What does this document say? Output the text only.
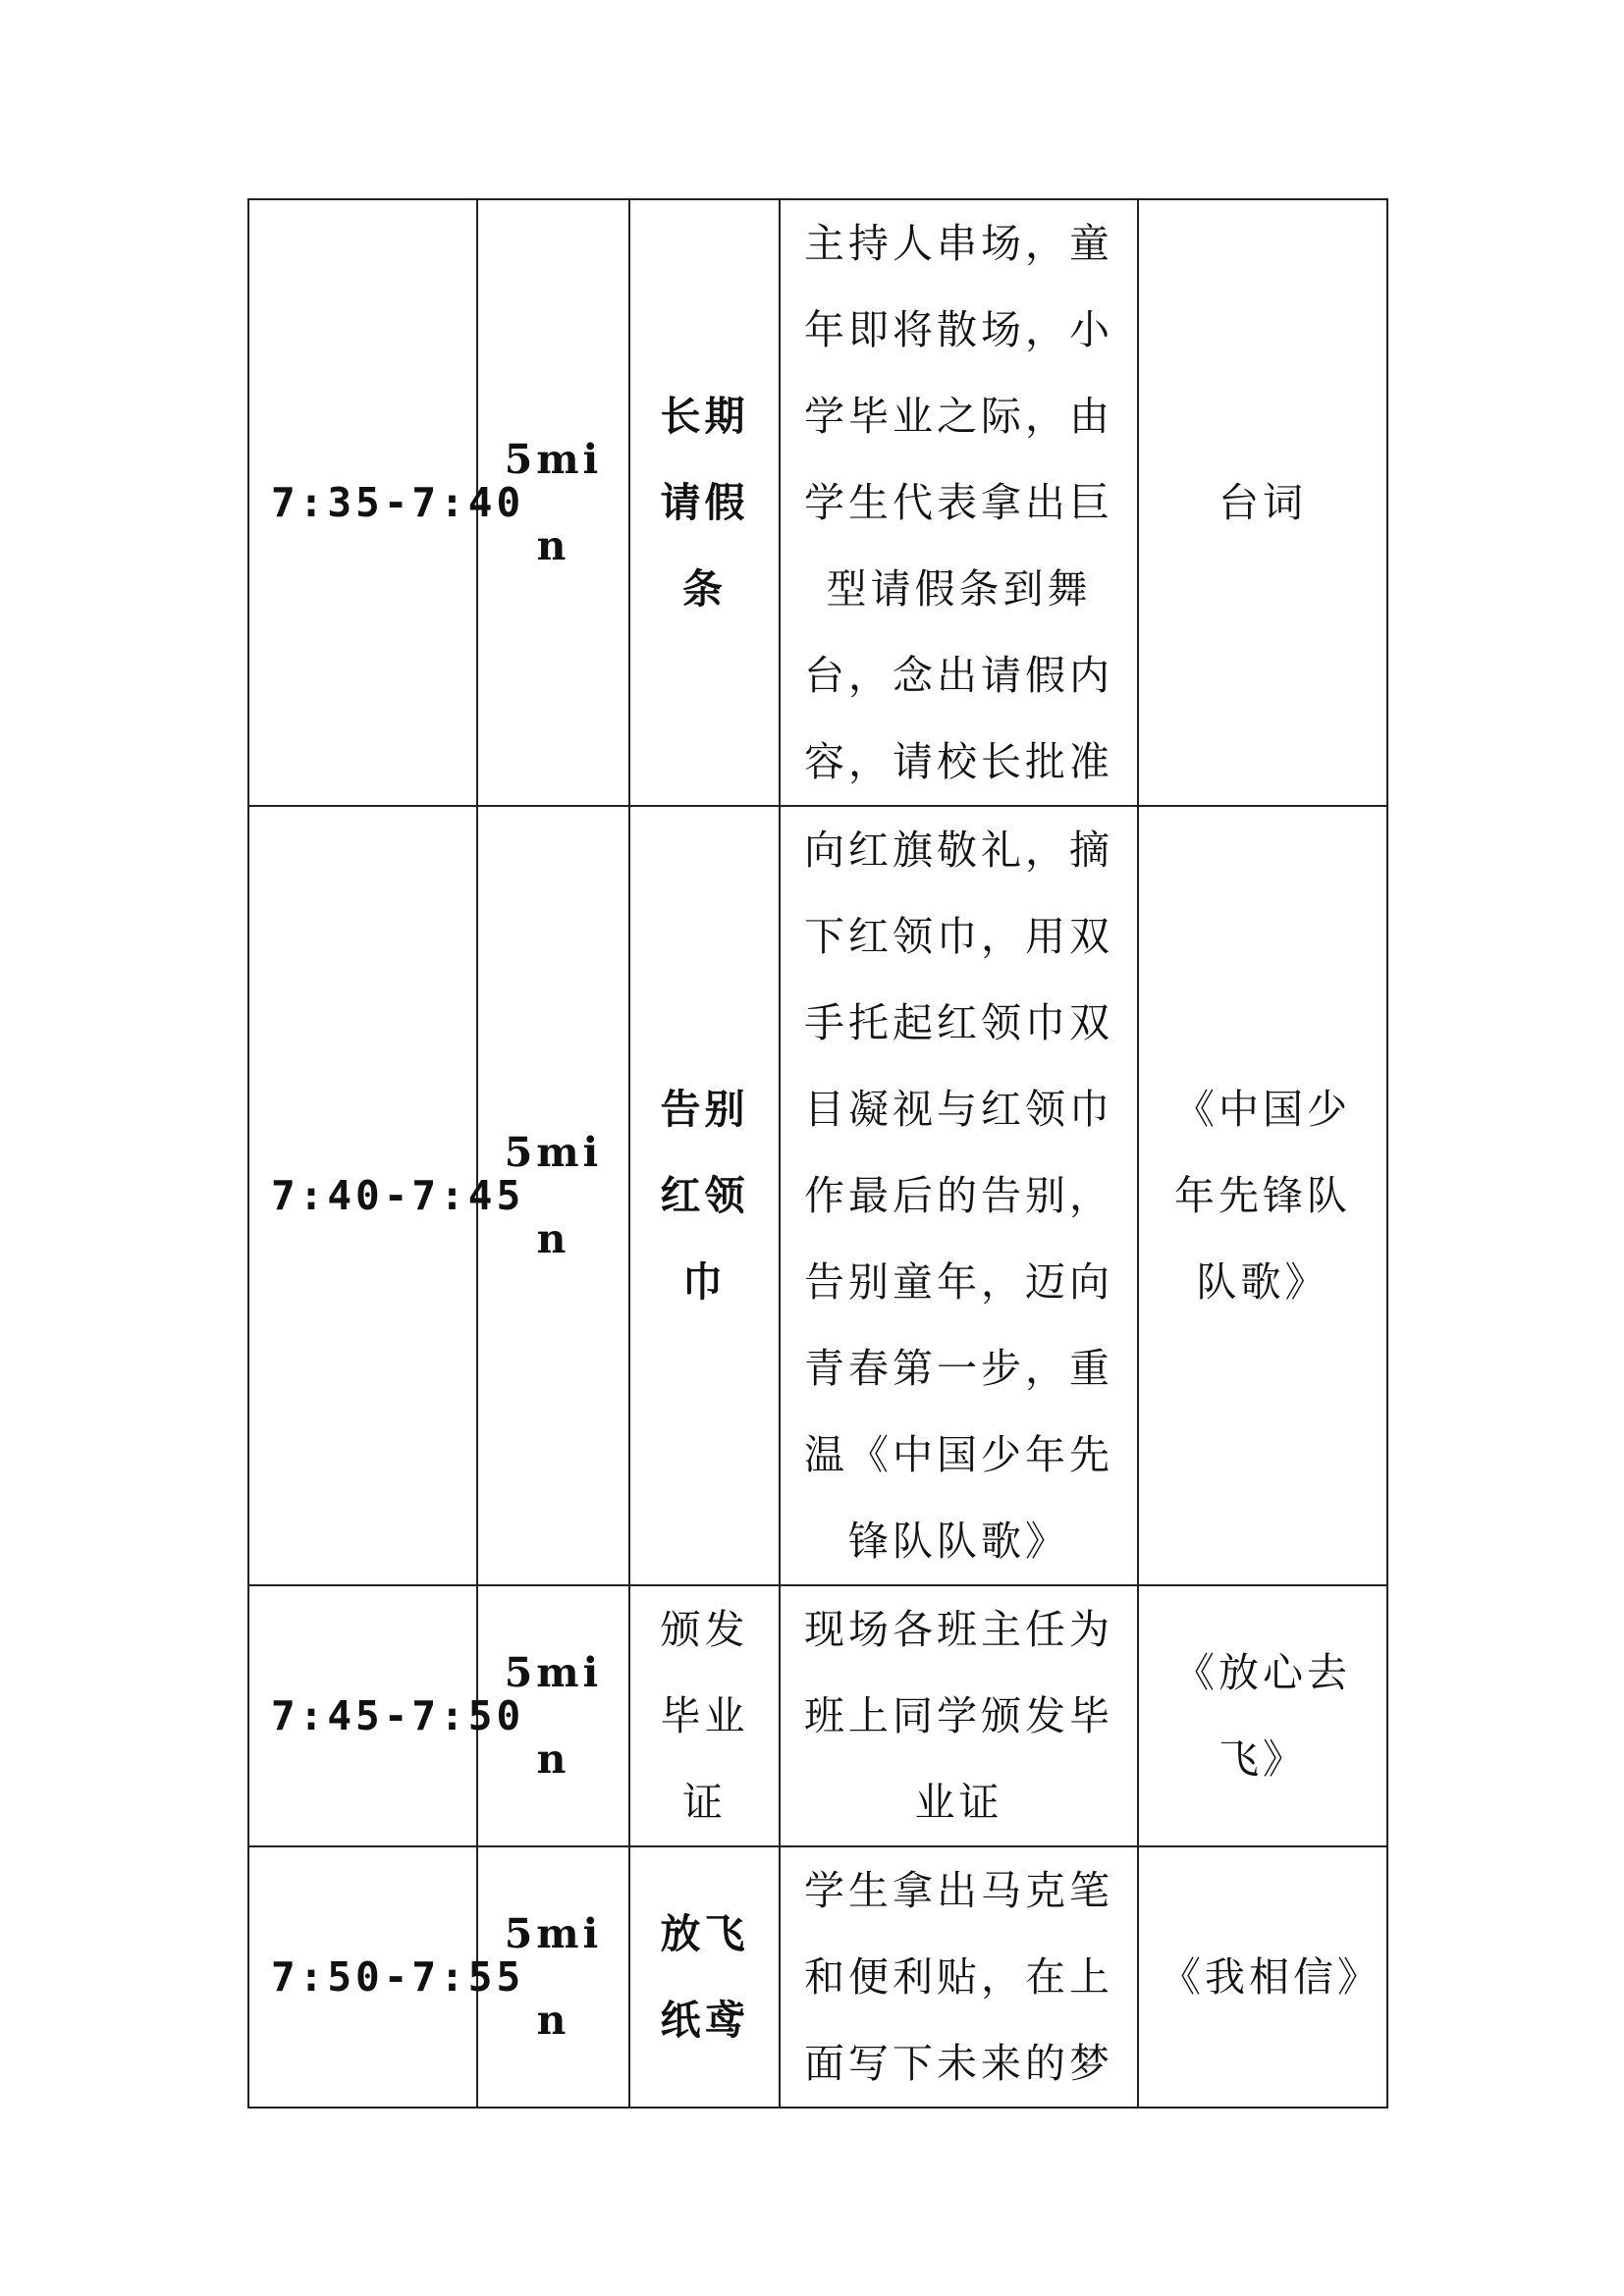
7:35-7:40	5min	长期请假条	主持人串场，童年即将散场，小学毕业之际，由学生代表拿出巨型请假条到舞台，念出请假内容，请校长批准	台词
7:40-7:45	5min	告别红领巾	向红旗敬礼，摘下红领巾，用双手托起红领巾双目凝视与红领巾作最后的告别，告别童年，迈向青春第一步，重温《中国少年先锋队队歌》	《中国少年先锋队队歌》
7:45-7:50	5min	颁发毕业证	现场各班主任为班上同学颁发毕业证	《放心去飞》
7:50-7:55	5min	放飞纸鸢	学生拿出马克笔和便利贴，在上面写下未来的梦	《我相信》
